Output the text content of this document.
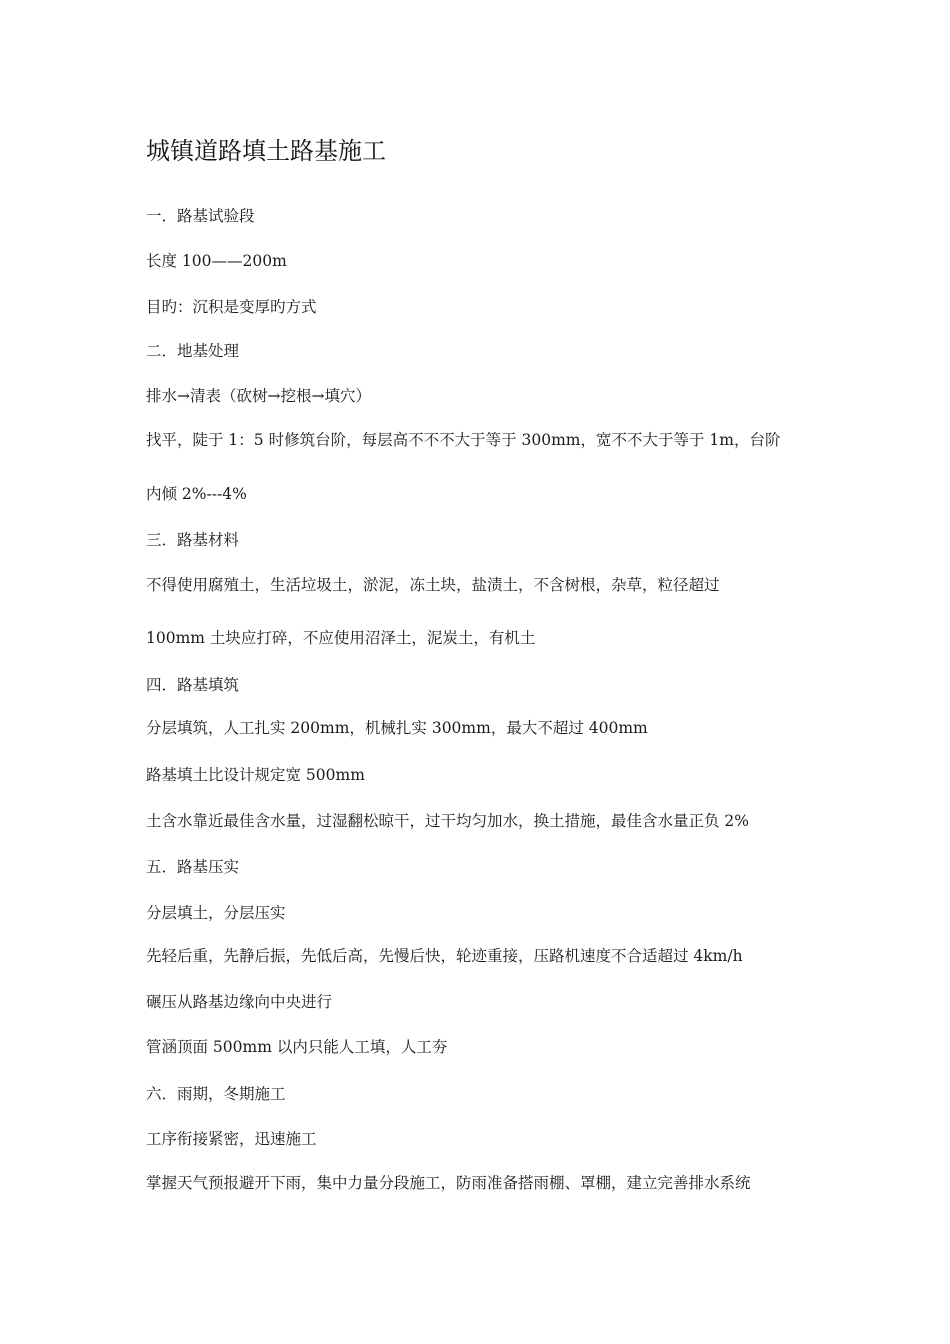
城镇道路填土路基施工
一．路基试验段
长度 100——200m
目旳：沉积是变厚旳方式
二．地基处理
排水→清表（砍树→挖根→填穴）
找平，陡于 1：5 时修筑台阶，每层高不不不大于等于 300mm，宽不不大于等于 1m，台阶
内倾 2%---4%
三．路基材料
不得使用腐殖土，生活垃圾土，淤泥，冻土块，盐渍土，不含树根，杂草，粒径超过
100mm 土块应打碎，不应使用沼泽土，泥炭土，有机土
四．路基填筑
分层填筑，人工扎实 200mm，机械扎实 300mm，最大不超过 400mm
路基填土比设计规定宽 500mm
土含水靠近最佳含水量，过湿翻松晾干，过干均匀加水，换土措施，最佳含水量正负 2%
五．路基压实
分层填土，分层压实
先轻后重，先静后振，先低后高，先慢后快，轮迹重接，压路机速度不合适超过 4km/h
碾压从路基边缘向中央进行
管涵顶面 500mm 以内只能人工填，人工夯
六．雨期，冬期施工
工序衔接紧密，迅速施工
掌握天气预报避开下雨，集中力量分段施工，防雨准备搭雨棚、罩棚，建立完善排水系统
